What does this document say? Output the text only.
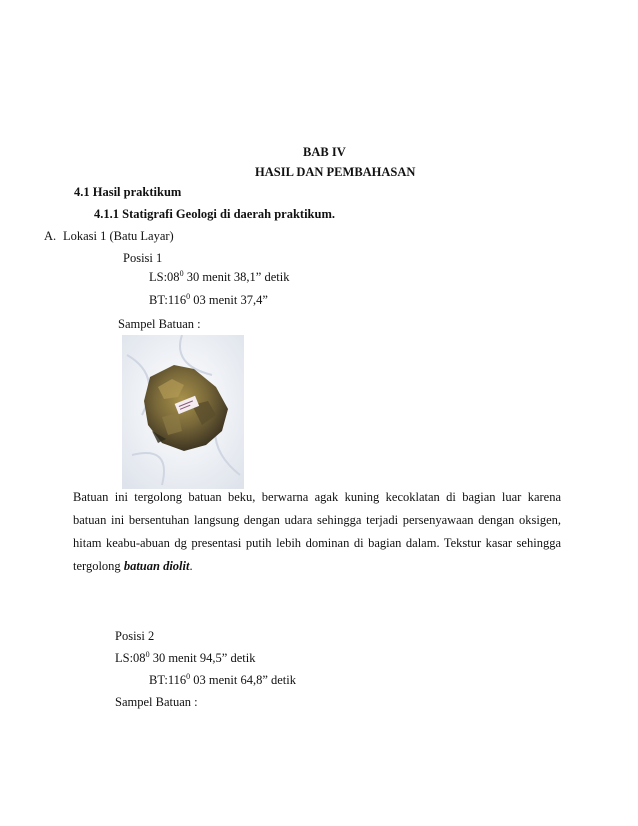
BAB IV
HASIL DAN PEMBAHASAN
4.1 Hasil praktikum
4.1.1 Statigrafi Geologi di daerah praktikum.
A. Lokasi 1 (Batu Layar)
Posisi 1
$LS:08^0$ 30 menit 38,1” detik
$BT:116^0$ 03 menit 37,4”
Sampel Batuan :
Batuan ini tergolong batuan beku, berwarna agak kuning kecoklatan di bagian luar karena
batuan ini bersentuhan langsung dengan udara sehingga terjadi persenyawaan dengan oksigen,
hitam keabu-abuan dg presentasi putih lebih dominan di bagian dalam. Tekstur kasar sehingga
tergolong batuan diolit.
Posisi 2
$LS:08^0$ 30 menit 94,5” detik
$BT:116^0$ 03 menit 64,8” detik
Sampel Batuan :
